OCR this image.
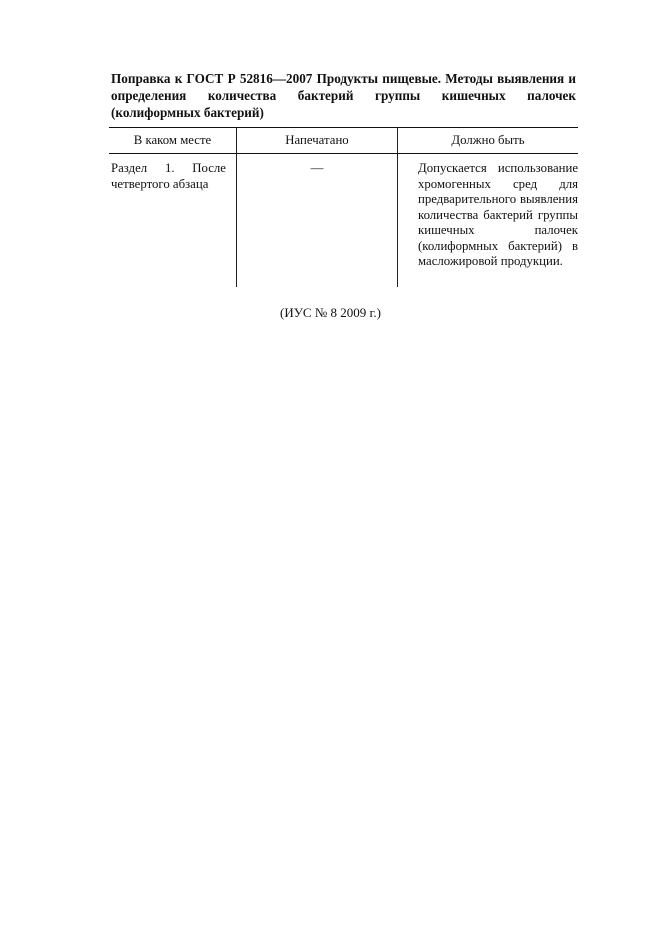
Поправка к ГОСТ Р 52816—2007 Продукты пищевые. Методы выявления и определения количества бактерий группы кишечных палочек (колиформных бактерий)
В каком месте	Напечатано	Должно быть
Раздел 1. После четвертого абзаца	—	Допускается использование хромогенных сред для предварительного выявления количества бактерий группы кишечных палочек (колиформных бактерий) в масложировой продукции.
(ИУС № 8 2009 г.)
